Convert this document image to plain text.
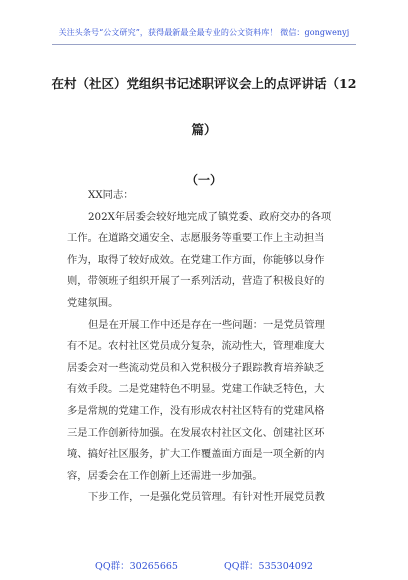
关注头条号“公文研究”，获得最新最全最专业的公文资料库！ 微信：gongwenyj
在村（社区）党组织书记述职评议会上的点评讲话（12
篇）
（一）
XX同志：
202X年居委会较好地完成了镇党委、政府交办的各项
工作。在道路交通安全、志愿服务等重要工作上主动担当
作为，取得了较好成效。在党建工作方面，你能够以身作
则，带领班子组织开展了一系列活动，营造了积极良好的
党建氛围。
但是在开展工作中还是存在一些问题：一是党员管理
有不足。农村社区党员成分复杂，流动性大，管理难度大
居委会对一些流动党员和入党积极分子跟踪教育培养缺乏
有效手段。二是党建特色不明显。党建工作缺乏特色，大
多是常规的党建工作，没有形成农村社区特有的党建风格
三是工作创新待加强。在发展农村社区文化、创建社区环
境、搞好社区服务，扩大工作覆盖面方面是一项全新的内
容，居委会在工作创新上还需进一步加强。
下步工作，一是强化党员管理。有针对性开展党员教
QQ群：30265665	QQ群：535304092
